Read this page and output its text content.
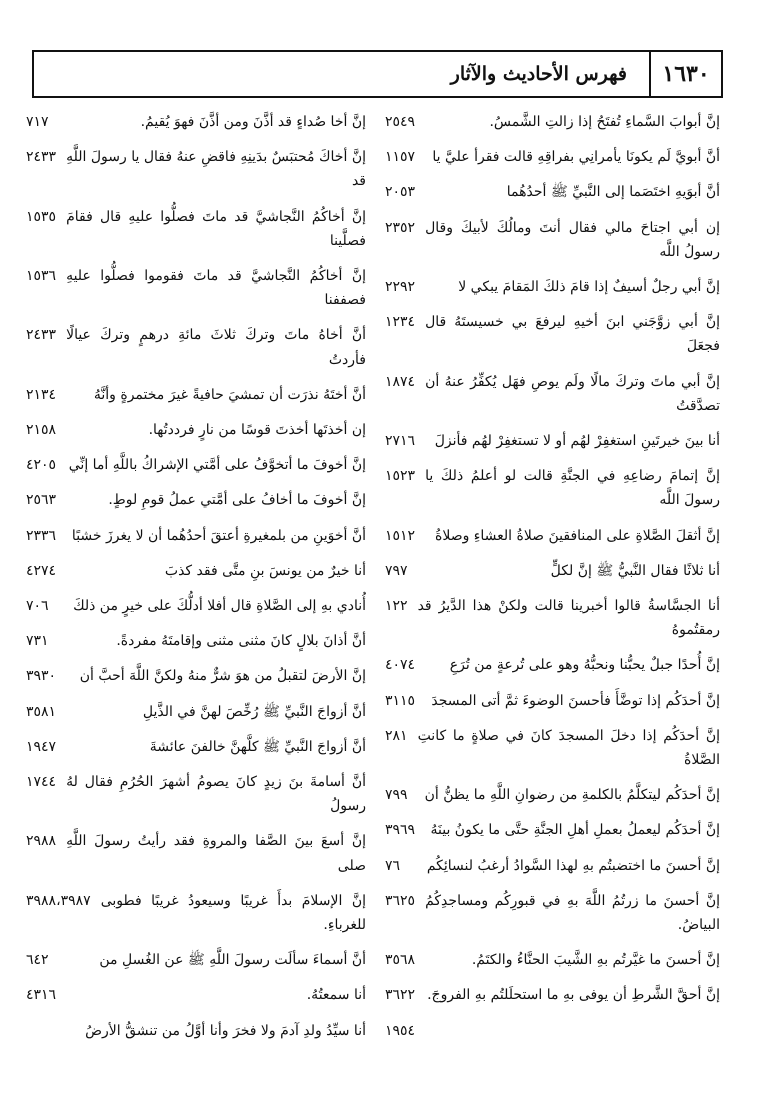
١٦٣٠
فهرس الأحاديث والآثار
إنَّ أبوابَ السَّماءِ تُفتَحُ إذا زالتِ الشَّمسُ.
٢٥٤٩
أنَّ أبويَّ لَم يكونَا يأمرانِي بفراقِهِ قالت فقرأ عليَّ يا
١١٥٧
أنَّ أبوَيهِ اختَصَما إلى النَّبيِّ ﷺ أحدُهُما
٢٠٥٣
إن أبي اجتاحَ مالي فقال أنتَ ومالُكَ لأبيكَ وقال رسولُ اللَّه
٢٣٥٢
إنَّ أبي رجلٌ أسيفٌ إذا قامَ ذلكَ المَقامَ يبكي لا
٢٢٩٢
إنَّ أبي زوَّجَني ابنَ أخيهِ ليرفعَ بي خسيستَهُ قال فجعَلَ
١٢٣٤
إنَّ أبي ماتَ وتركَ مالًا ولَم يوصِ فهَل يُكفِّرُ عنهُ أن تصدَّقتُ
١٨٧٤
أنا بينَ خيرتَينِ استغفِرْ لهُم أو لا تستغفِرْ لهُم فأنزلَ
٢٧١٦
إنَّ إتمامَ رضاعِهِ في الجنَّةِ قالت لو أعلمُ ذلكَ يا رسولَ اللَّه
١٥٢٣
إنَّ أثقلَ الصَّلاةِ على المنافقينَ صلاةُ العشاءِ وصلاةُ
١٥١٢
أنا ثلاثًا فقال النَّبيُّ ﷺ إنَّ لكلٍّ
٧٩٧
أنا الجسَّاسةُ قالوا أخبرينا قالت ولكنْ هذا الدَّيرُ قد رمقتُموهُ
١٢٢
إنَّ أُحدًا جبلٌ يحبُّنا ونحبُّهُ وهو على تُرعةٍ من تُرَعِ
٤٠٧٤
إنَّ أحدَكُم إذا توضَّأَ فأحسنَ الوضوءَ ثمَّ أتى المسجدَ
٣١١٥
إنَّ أحدَكُم إذا دخلَ المسجدَ كانَ في صلاةٍ ما كانتِ الصَّلاةُ
٢٨١
إنَّ أحدَكُم ليتكلَّمُ بالكلمةِ من رضوانِ اللَّهِ ما يظنُّ أن
٧٩٩
إنَّ أحدَكُم ليعملُ بعملِ أهلِ الجنَّةِ حتَّى ما يكونُ بينَهُ
٣٩٦٩
إنَّ أحسنَ ما اختضبتُم بهِ لهذا السَّوادُ أرغبُ لنسائِكُم
٧٦
إنَّ أحسنَ ما زرتُمُ اللَّهَ بهِ في قبورِكُم ومساجدِكُمُ البياضُ.
٣٦٢٥
إنَّ أحسنَ ما غيَّرتُم بهِ الشَّيبَ الحنَّاءُ والكتَمُ.
٣٥٦٨
إنَّ أحقَّ الشَّرطِ أن يوفى بهِ ما استحلَلتُم بهِ الفروجَ.
٣٦٢٢
١٩٥٤
إنَّ أخا صُداءٍ قد أذَّنَ ومن أذَّنَ فهوَ يُقيمُ.
٧١٧
إنَّ أخاكَ مُحتبَسٌ بدَينِهِ فاقضِ عنهُ فقال يا رسولَ اللَّهِ قد
٢٤٣٣
إنَّ أخاكُمُ النَّجاشيَّ قد ماتَ فصلُّوا عليهِ قال فقامَ فصلَّينا
١٥٣٥
إنَّ أخاكُمُ النَّجاشيَّ قد ماتَ فقوموا فصلُّوا عليهِ فصففنا
١٥٣٦
أنَّ أخاهُ ماتَ وتركَ ثلاثَ مائةِ درهمٍ وتركَ عيالًا فأردتُ
٢٤٣٣
أنَّ أختَهُ نذرَت أن تمشيَ حافيةً غيرَ مختمرةٍ وأنَّهُ
٢١٣٤
إن أخذتَها أخذتَ قوسًا من نارٍ فرددتُها.
٢١٥٨
إنَّ أخوفَ ما أتخوَّفُ على أمَّتي الإشراكُ باللَّهِ أما إنِّي
٤٢٠٥
إنَّ أخوفَ ما أخافُ على أمَّتي عملُ قومِ لوطٍ.
٢٥٦٣
أنَّ أخوَينِ من بلمغيرةِ أعتقَ أحدُهُما أن لا يغرزَ خشبًا
٢٣٣٦
أنا خيرٌ من يونسَ بنِ متَّى فقد كذبَ
٤٢٧٤
أُنادي بهِ إلى الصَّلاةِ قال أفلا أدلُّكَ على خيرٍ من ذلكَ
٧٠٦
أنَّ أذانَ بلالٍ كانَ مثنى مثنى وإقامتَهُ مفردةً.
٧٣١
إنَّ الأرضَ لتقبلُ من هوَ شرٌّ منهُ ولكنَّ اللَّهَ أحبَّ أن
٣٩٣٠
أنَّ أزواجَ النَّبيِّ ﷺ رُخِّصَ لهنَّ في الذَّيلِ
٣٥٨١
أنَّ أزواجَ النَّبيِّ ﷺ كلَّهنَّ خالفنَ عائشةَ
١٩٤٧
أنَّ أسامةَ بنَ زيدٍ كانَ يصومُ أشهرَ الحُرُمِ فقال لهُ رسولُ
١٧٤٤
إنَّ أسعَ بينَ الصَّفا والمروةِ فقد رأيتُ رسولَ اللَّهِ صلى
٢٩٨٨
إنَّ الإسلامَ بدأَ غريبًا وسيعودُ غريبًا فطوبى للغرباءِ.
٣٩٨٨،٣٩٨٧
أنَّ أسماءَ سألَت رسولَ اللَّهِ ﷺ عن الغُسلِ من
٦٤٢
أنا سمعتُهُ.
٤٣١٦
أنا سيِّدُ ولدِ آدمَ ولا فخرَ وأنا أوَّلُ من تنشقُّ الأرضُ
